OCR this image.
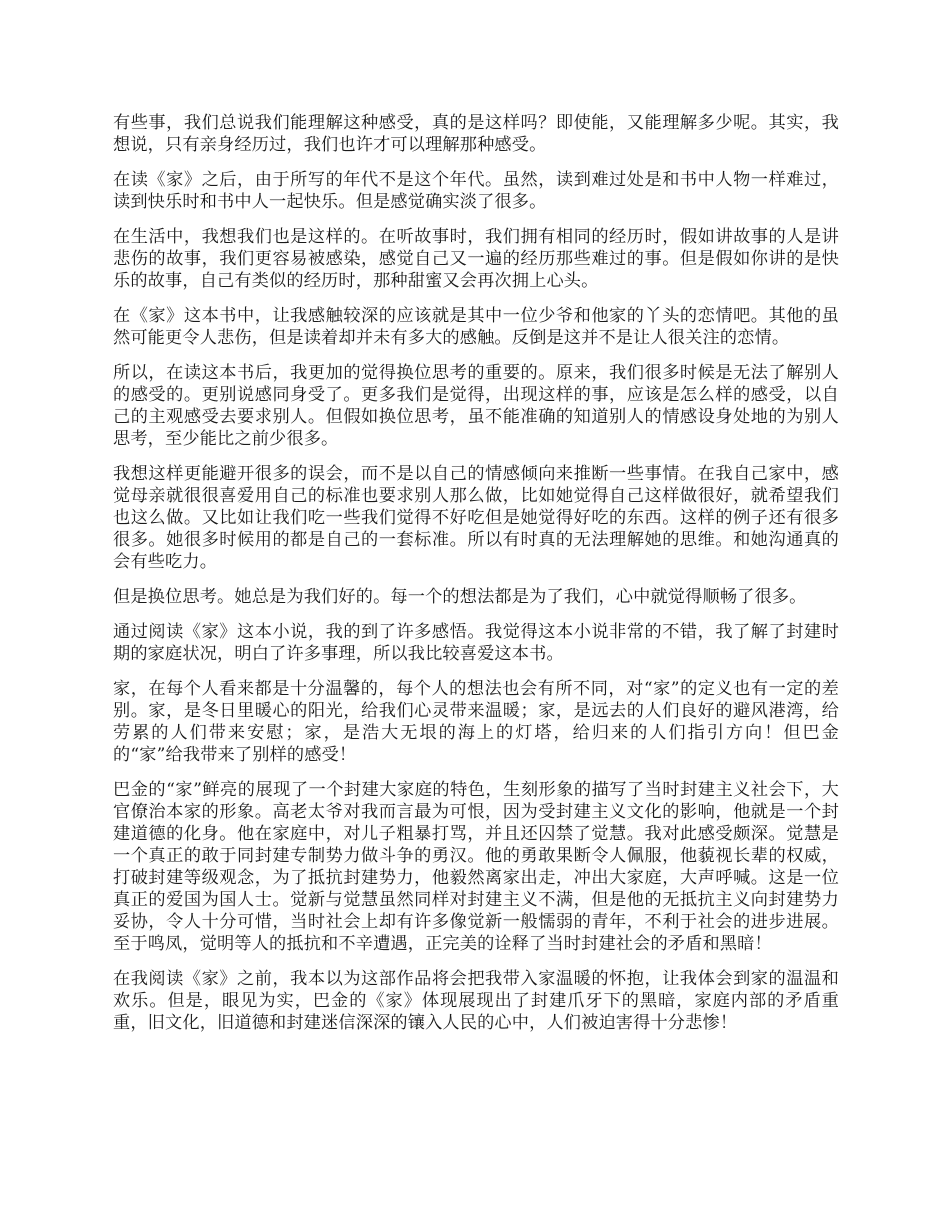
有些事，我们总说我们能理解这种感受，真的是这样吗？即使能，又能理解多少呢。其实，我想说，只有亲身经历过，我们也许才可以理解那种感受。

在读《家》之后，由于所写的年代不是这个年代。虽然，读到难过处是和书中人物一样难过，读到快乐时和书中人一起快乐。但是感觉确实淡了很多。

在生活中，我想我们也是这样的。在听故事时，我们拥有相同的经历时，假如讲故事的人是讲悲伤的故事，我们更容易被感染，感觉自己又一遍的经历那些难过的事。但是假如你讲的是快乐的故事，自己有类似的经历时，那种甜蜜又会再次拥上心头。

在《家》这本书中，让我感触较深的应该就是其中一位少爷和他家的丫头的恋情吧。其他的虽然可能更令人悲伤，但是读着却并未有多大的感触。反倒是这并不是让人很关注的恋情。

所以，在读这本书后，我更加的觉得换位思考的重要的。原来，我们很多时候是无法了解别人的感受的。更别说感同身受了。更多我们是觉得，出现这样的事，应该是怎么样的感受，以自己的主观感受去要求别人。但假如换位思考，虽不能准确的知道别人的情感设身处地的为别人思考，至少能比之前少很多。

我想这样更能避开很多的误会，而不是以自己的情感倾向来推断一些事情。在我自己家中，感觉母亲就很很喜爱用自己的标准也要求别人那么做，比如她觉得自己这样做很好，就希望我们也这么做。又比如让我们吃一些我们觉得不好吃但是她觉得好吃的东西。这样的例子还有很多很多。她很多时候用的都是自己的一套标准。所以有时真的无法理解她的思维。和她沟通真的会有些吃力。

但是换位思考。她总是为我们好的。每一个的想法都是为了我们，心中就觉得顺畅了很多。

通过阅读《家》这本小说，我的到了许多感悟。我觉得这本小说非常的不错，我了解了封建时期的家庭状况，明白了许多事理，所以我比较喜爱这本书。

家，在每个人看来都是十分温馨的，每个人的想法也会有所不同，对“家”的定义也有一定的差别。家，是冬日里暖心的阳光，给我们心灵带来温暖；家，是远去的人们良好的避风港湾，给劳累的人们带来安慰；家，是浩大无垠的海上的灯塔，给归来的人们指引方向！但巴金的“家”给我带来了别样的感受！

巴金的“家”鲜亮的展现了一个封建大家庭的特色，生刻形象的描写了当时封建主义社会下，大官僚治本家的形象。高老太爷对我而言最为可恨，因为受封建主义文化的影响，他就是一个封建道德的化身。他在家庭中，对儿子粗暴打骂，并且还囚禁了觉慧。我对此感受颇深。觉慧是一个真正的敢于同封建专制势力做斗争的勇汉。他的勇敢果断令人佩服，他藐视长辈的权威，打破封建等级观念，为了抵抗封建势力，他毅然离家出走，冲出大家庭，大声呼喊。这是一位真正的爱国为国人士。觉新与觉慧虽然同样对封建主义不满，但是他的无抵抗主义向封建势力妥协，令人十分可惜，当时社会上却有许多像觉新一般懦弱的青年，不利于社会的进步进展。至于鸣凤，觉明等人的抵抗和不辛遭遇，正完美的诠释了当时封建社会的矛盾和黑暗！

在我阅读《家》之前，我本以为这部作品将会把我带入家温暖的怀抱，让我体会到家的温温和欢乐。但是，眼见为实，巴金的《家》体现展现出了封建爪牙下的黑暗，家庭内部的矛盾重重，旧文化，旧道德和封建迷信深深的镶入人民的心中，人们被迫害得十分悲惨！
